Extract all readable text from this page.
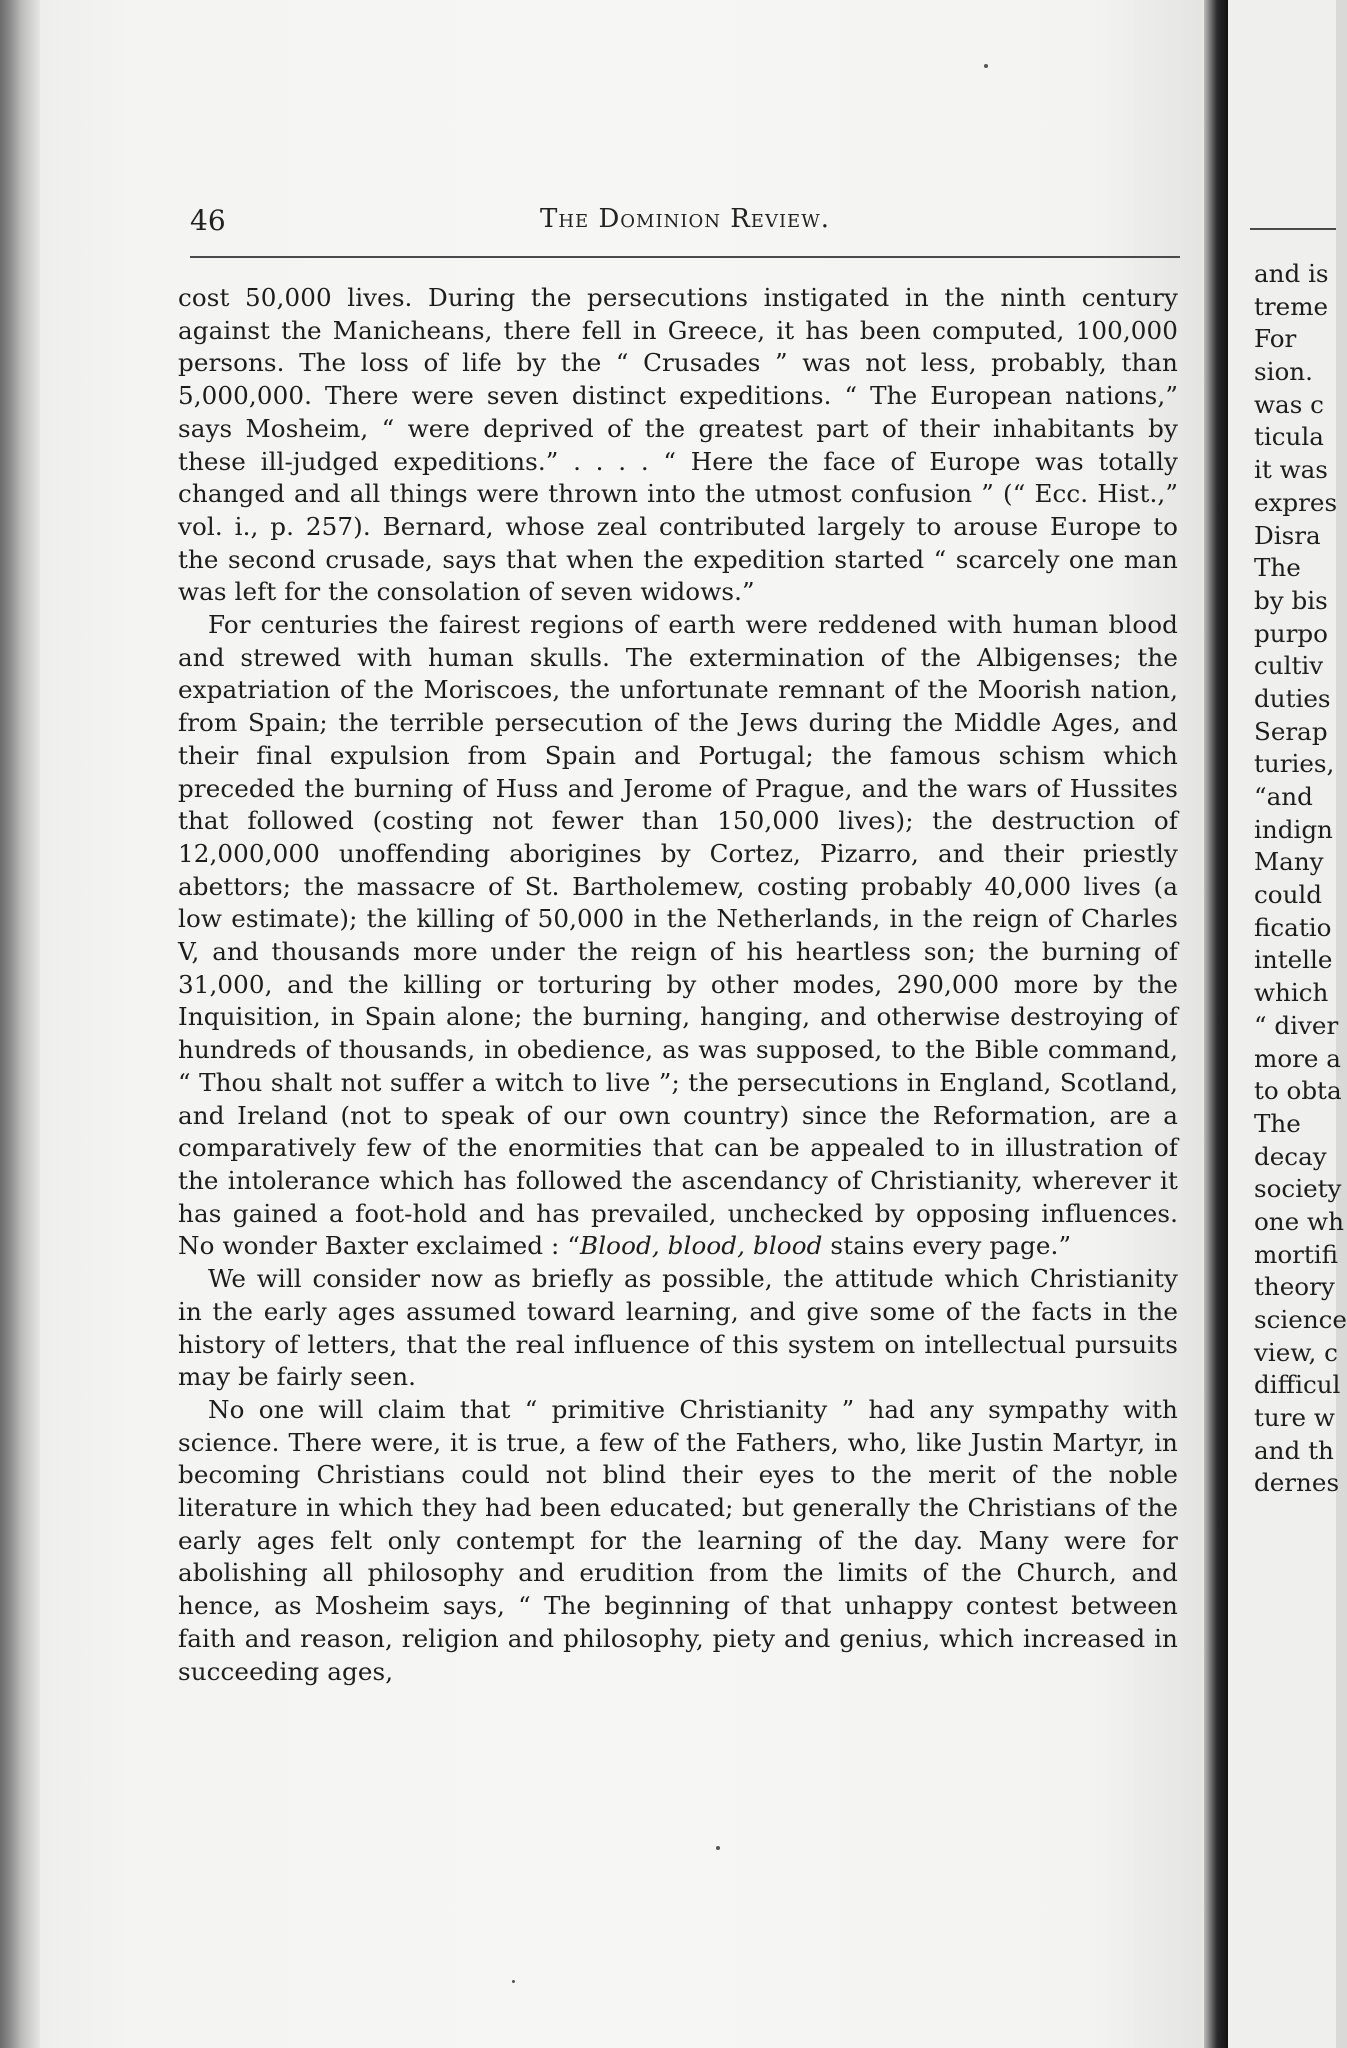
46	The Dominion Review.

cost 50,000 lives. During the persecutions instigated in the ninth century against the Manicheans, there fell in Greece, it has been computed, 100,000 persons. The loss of life by the “ Crusades ” was not less, probably, than 5,000,000. There were seven distinct expeditions. “ The European nations,” says Mosheim, “ were deprived of the greatest part of their inhabitants by these ill-judged expeditions.” . . . . “ Here the face of Europe was totally changed and all things were thrown into the utmost confusion ” (“ Ecc. Hist.,” vol. i., p. 257). Bernard, whose zeal contributed largely to arouse Europe to the second crusade, says that when the expedition started “ scarcely one man was left for the consolation of seven widows.”

For centuries the fairest regions of earth were reddened with human blood and strewed with human skulls. The extermination of the Albigenses; the expatriation of the Moriscoes, the unfortunate remnant of the Moorish nation, from Spain; the terrible persecution of the Jews during the Middle Ages, and their final expulsion from Spain and Portugal; the famous schism which preceded the burning of Huss and Jerome of Prague, and the wars of Hussites that followed (costing not fewer than 150,000 lives); the destruction of 12,000,000 unoffending aborigines by Cortez, Pizarro, and their priestly abettors; the massacre of St. Bartholemew, costing probably 40,000 lives (a low estimate); the killing of 50,000 in the Netherlands, in the reign of Charles V, and thousands more under the reign of his heartless son; the burning of 31,000, and the killing or torturing by other modes, 290,000 more by the Inquisition, in Spain alone; the burning, hanging, and otherwise destroying of hundreds of thousands, in obedience, as was supposed, to the Bible command, “ Thou shalt not suffer a witch to live ”; the persecutions in England, Scotland, and Ireland (not to speak of our own country) since the Reformation, are a comparatively few of the enormities that can be appealed to in illustration of the intolerance which has followed the ascendancy of Christianity, wherever it has gained a foot-hold and has prevailed, unchecked by opposing influences. No wonder Baxter exclaimed : “Blood, blood, blood stains every page.”

We will consider now as briefly as possible, the attitude which Christianity in the early ages assumed toward learning, and give some of the facts in the history of letters, that the real influence of this system on intellectual pursuits may be fairly seen.

No one will claim that “ primitive Christianity ” had any sympathy with science. There were, it is true, a few of the Fathers, who, like Justin Martyr, in becoming Christians could not blind their eyes to the merit of the noble literature in which they had been educated; but generally the Christians of the early ages felt only contempt for the learning of the day. Many were for abolishing all philosophy and erudition from the limits of the Church, and hence, as Mosheim says, “ The beginning of that unhappy contest between faith and reason, religion and philosophy, piety and genius, which increased in succeeding ages,

and is
treme
For
sion.
was c
ticula
it was
expres
Disra
The
by bis
purpo
cultiv
duties
Serap
turies,
“and
indign
Many
could
ficatio
intelle
which
“ diver
more a
to obta
The
decay
society
one wh
mortifi
theory
science
view, c
difficul
ture w
and th
dernes
